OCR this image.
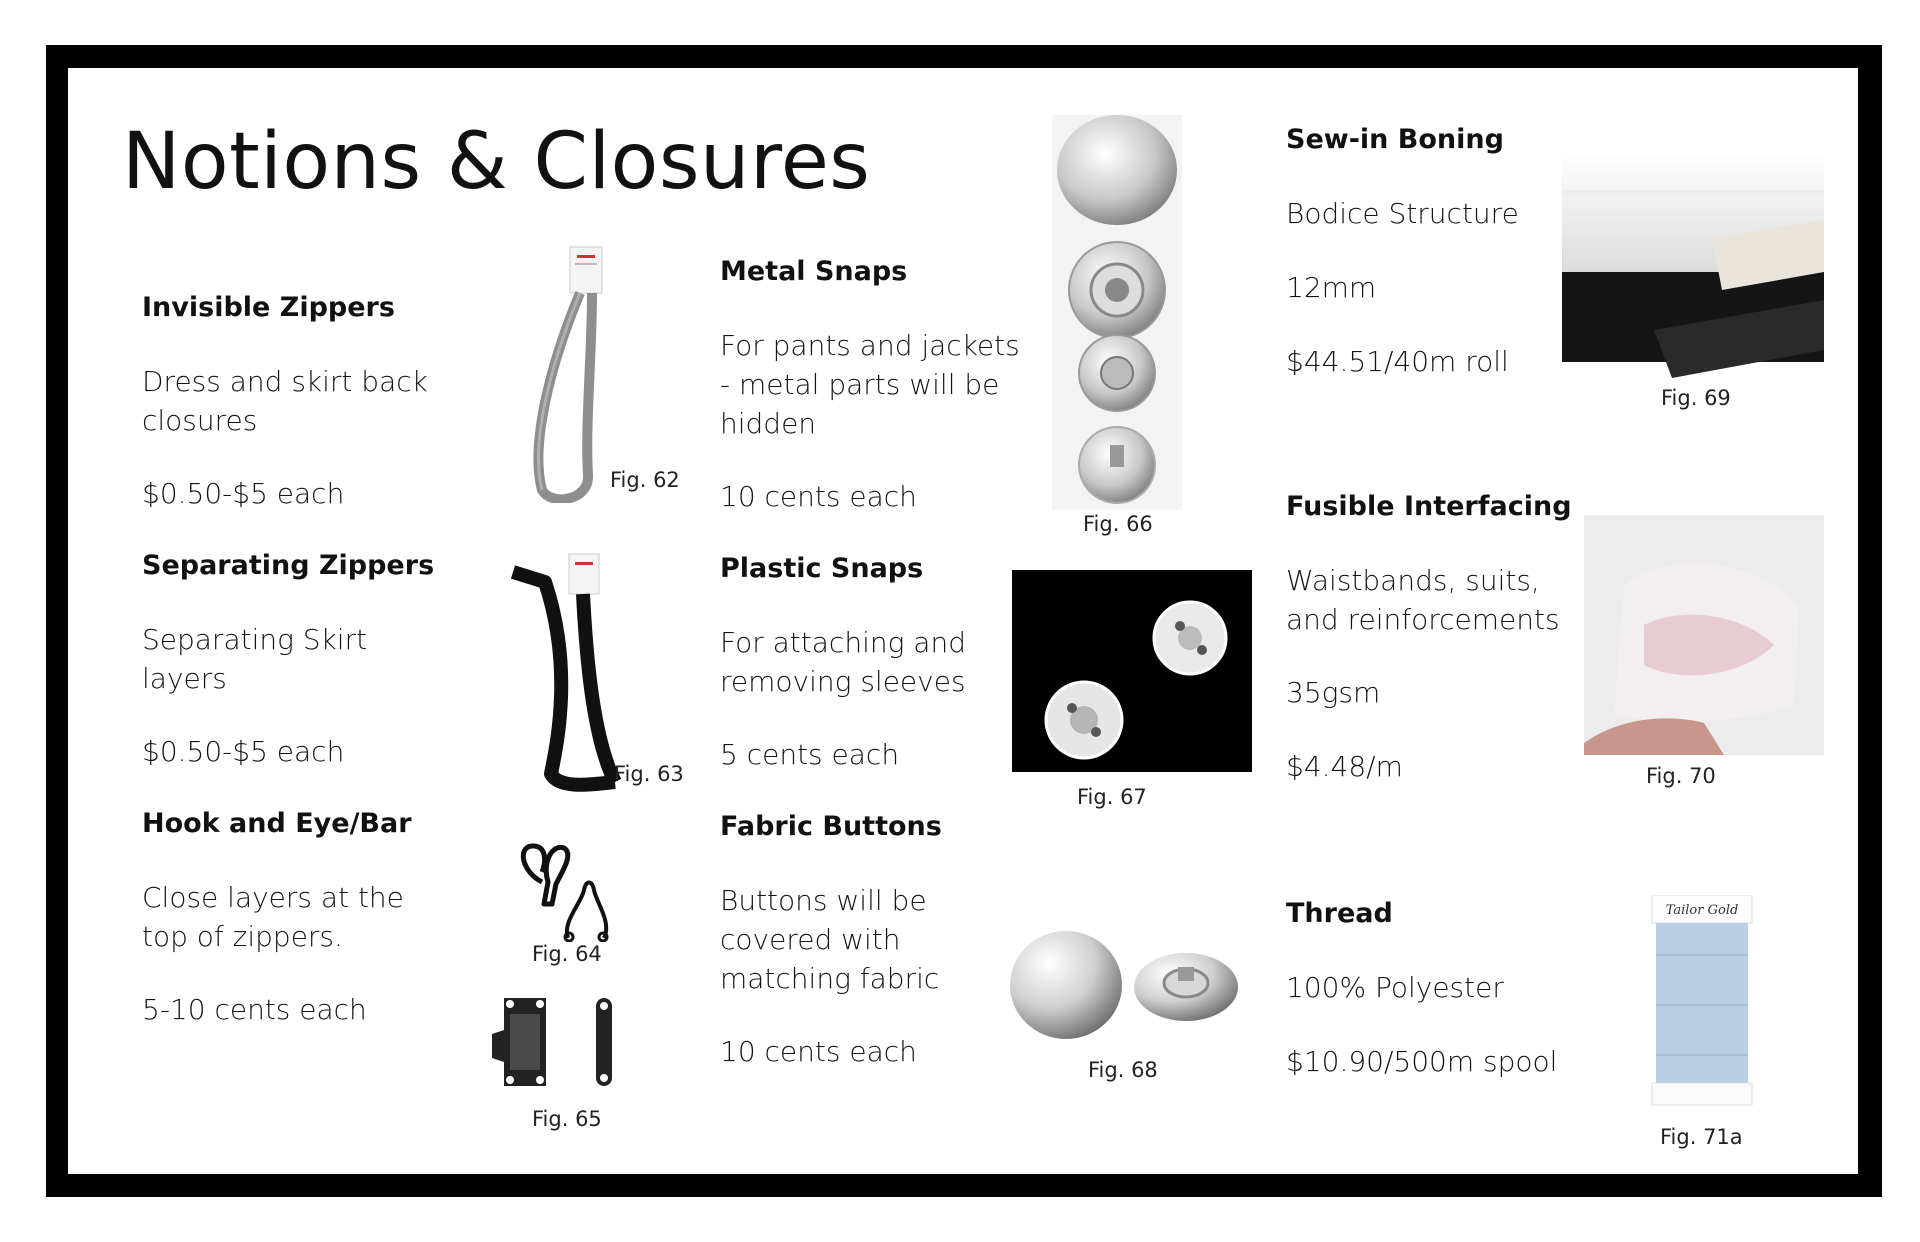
Notions & Closures
Invisible Zippers
Dress and skirt back closures
$0.50-$5 each
Separating Zippers
Separating Skirt layers
$0.50-$5 each
Hook and Eye/Bar
Close layers at the top of zippers.
5-10 cents each
Fig. 62
Fig. 63
Fig. 64
Fig. 65
Metal Snaps
For pants and jackets - metal parts will be hidden
10 cents each
Plastic Snaps
For attaching and removing sleeves
5 cents each
Fabric Buttons
Buttons will be covered with matching fabric
10 cents each
Fig. 66
Fig. 67
Fig. 68
Sew-in Boning
Bodice Structure
12mm
$44.51/40m roll
Fusible Interfacing
Waistbands, suits, and reinforcements
35gsm
$4.48/m
Thread
100% Polyester
$10.90/500m spool
Fig. 69
Fig. 70
Tailor Gold
Fig. 71a
